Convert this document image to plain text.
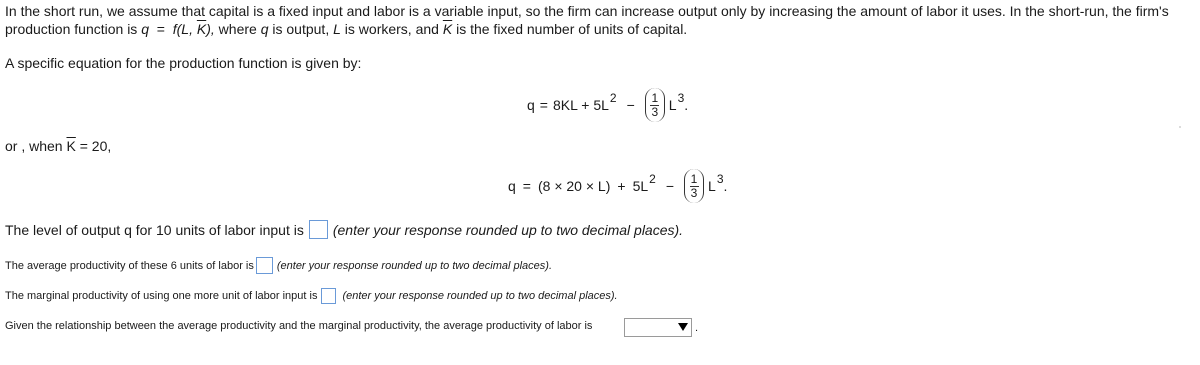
In the short run, we assume that capital is a fixed input and labor is a variable input, so the firm can increase output only by increasing the amount of labor it uses. In the short-run, the firm's
production function is q = f(L, $\overline{K}$), where q is output, L is workers, and $\overline{K}$ is the fixed number of units of capital.
A specific equation for the production function is given by:
q = 8KL +
5L $2 - \frac{1}{3}$ L 3 .
or , when $\overline{K} = 20$,
q = (8 × 20 × L) + 5L $2 - \frac{1}{3}$ L 3 .
The level of output q for 10 units of labor input is (enter your response rounded up to two decimal places).
The average productivity of these 6 units of labor is (enter your response rounded up to two decimal places).
The marginal productivity of using one more unit of labor input is (enter your response rounded up to two decimal places).
Given the relationship between the average productivity and the marginal productivity, the average productivity of labor is	.
